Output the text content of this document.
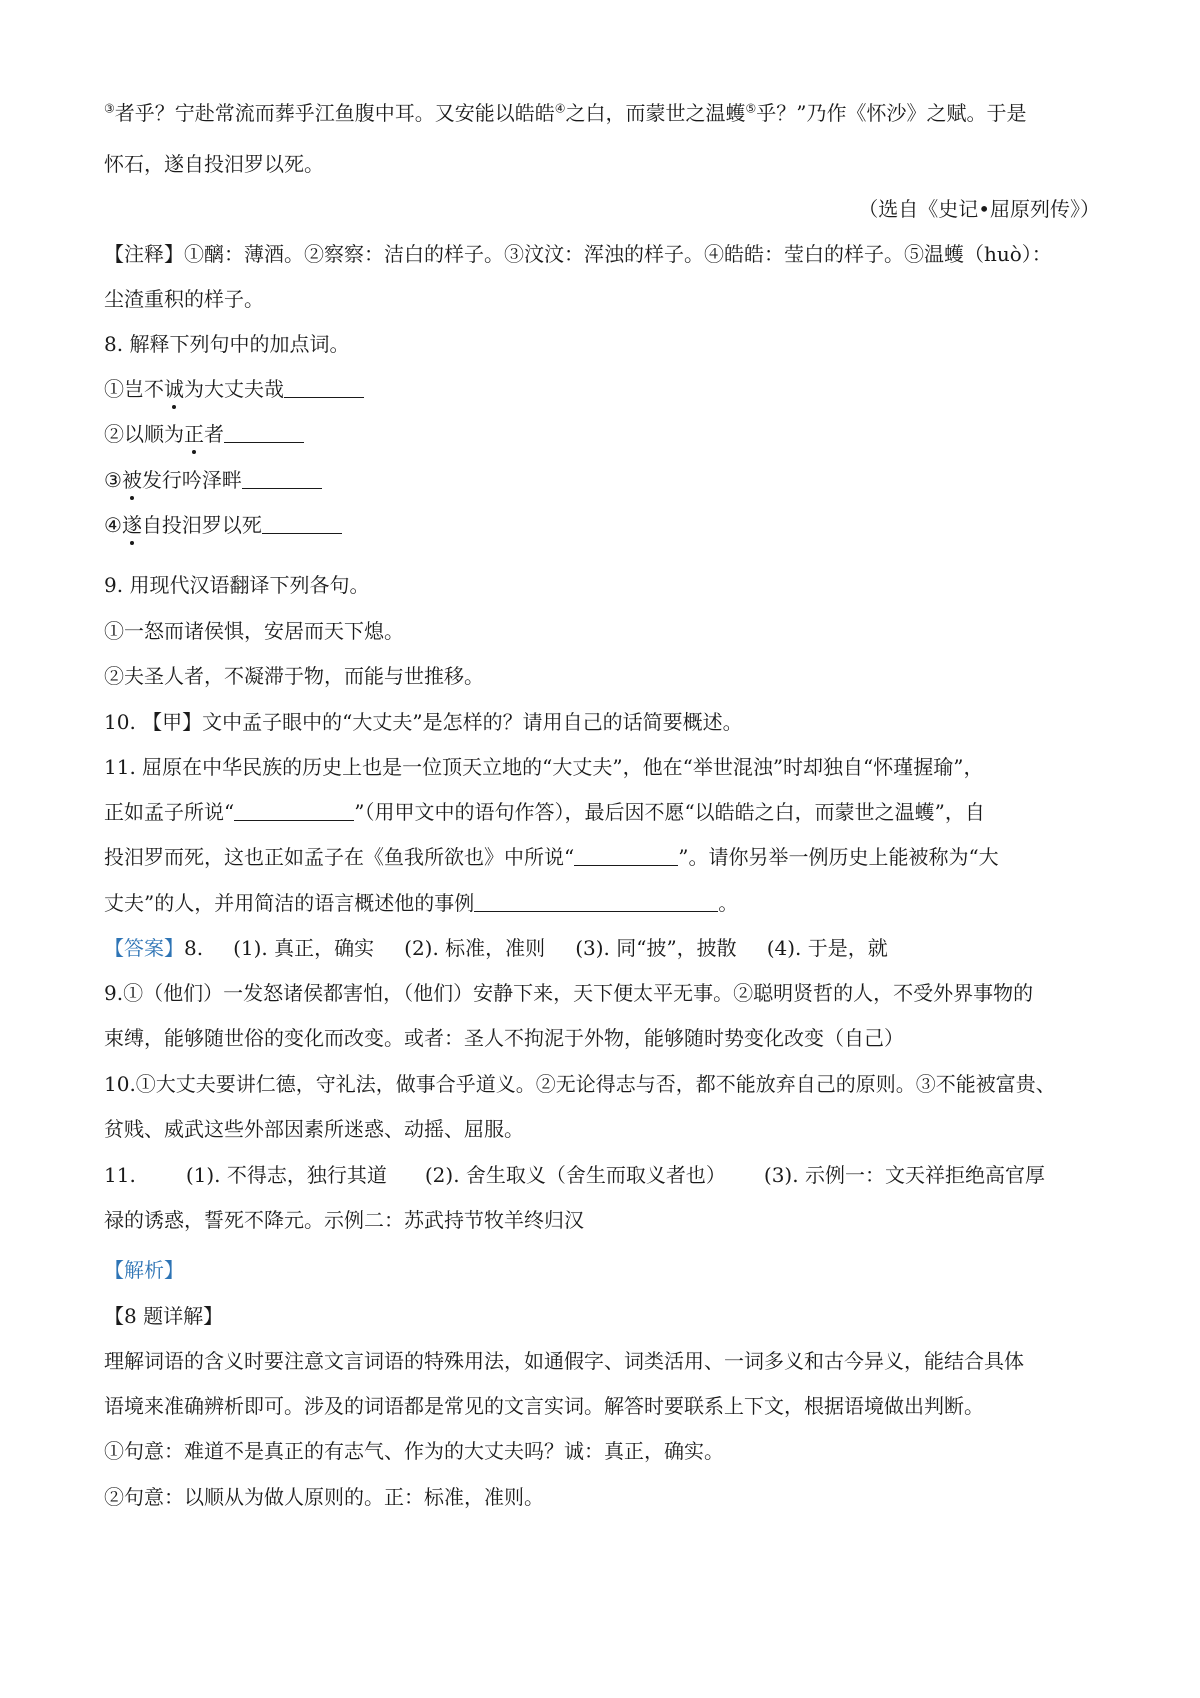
③者乎？宁赴常流而葬乎江鱼腹中耳。又安能以皓皓④之白，而蒙世之温蠖⑤乎？”乃作《怀沙》之赋。于是
怀石，遂自投汨罗以死。
（选自《史记•屈原列传》）
【注释】①醨：薄酒。②察察：洁白的样子。③汶汶：浑浊的样子。④皓皓：莹白的样子。⑤温蠖（huò）：
尘渣重积的样子。
8. 解释下列句中的加点词。
①岂不诚为大丈夫哉
②以顺为正者
③被发行吟泽畔
④遂自投汨罗以死
9. 用现代汉语翻译下列各句。
①一怒而诸侯惧，安居而天下熄。
②夫圣人者，不凝滞于物，而能与世推移。
10. 【甲】文中孟子眼中的“大丈夫”是怎样的？请用自己的话简要概述。
11. 屈原在中华民族的历史上也是一位顶天立地的“大丈夫”，他在“举世混浊”时却独自“怀瑾握瑜”，
正如孟子所说“	”（用甲文中的语句作答），最后因不愿“以皓皓之白，而蒙世之温蠖”，自
投汨罗而死，这也正如孟子在《鱼我所欲也》中所说“	”。请你另举一例历史上能被称为“大
丈夫”的人，并用简洁的语言概述他的事例	。
【答案】8. (1). 真正，确实 (2). 标准，准则 (3). 同“披”，披散 (4). 于是，就
9.①（他们）一发怒诸侯都害怕，（他们）安静下来，天下便太平无事。②聪明贤哲的人，不受外界事物的
束缚，能够随世俗的变化而改变。或者：圣人不拘泥于外物，能够随时势变化改变（自己）
10.①大丈夫要讲仁德，守礼法，做事合乎道义。②无论得志与否，都不能放弃自己的原则。③不能被富贵、
贫贱、威武这些外部因素所迷惑、动摇、屈服。
11.	(1). 不得志，独行其道 (2). 舍生取义（舍生而取义者也） (3). 示例一：文天祥拒绝高官厚
禄的诱惑，誓死不降元。示例二：苏武持节牧羊终归汉
【解析】
【8 题详解】
理解词语的含义时要注意文言词语的特殊用法，如通假字、词类活用、一词多义和古今异义，能结合具体
语境来准确辨析即可。涉及的词语都是常见的文言实词。解答时要联系上下文，根据语境做出判断。
①句意：难道不是真正的有志气、作为的大丈夫吗？诚：真正，确实。
②句意：以顺从为做人原则的。正：标准，准则。
